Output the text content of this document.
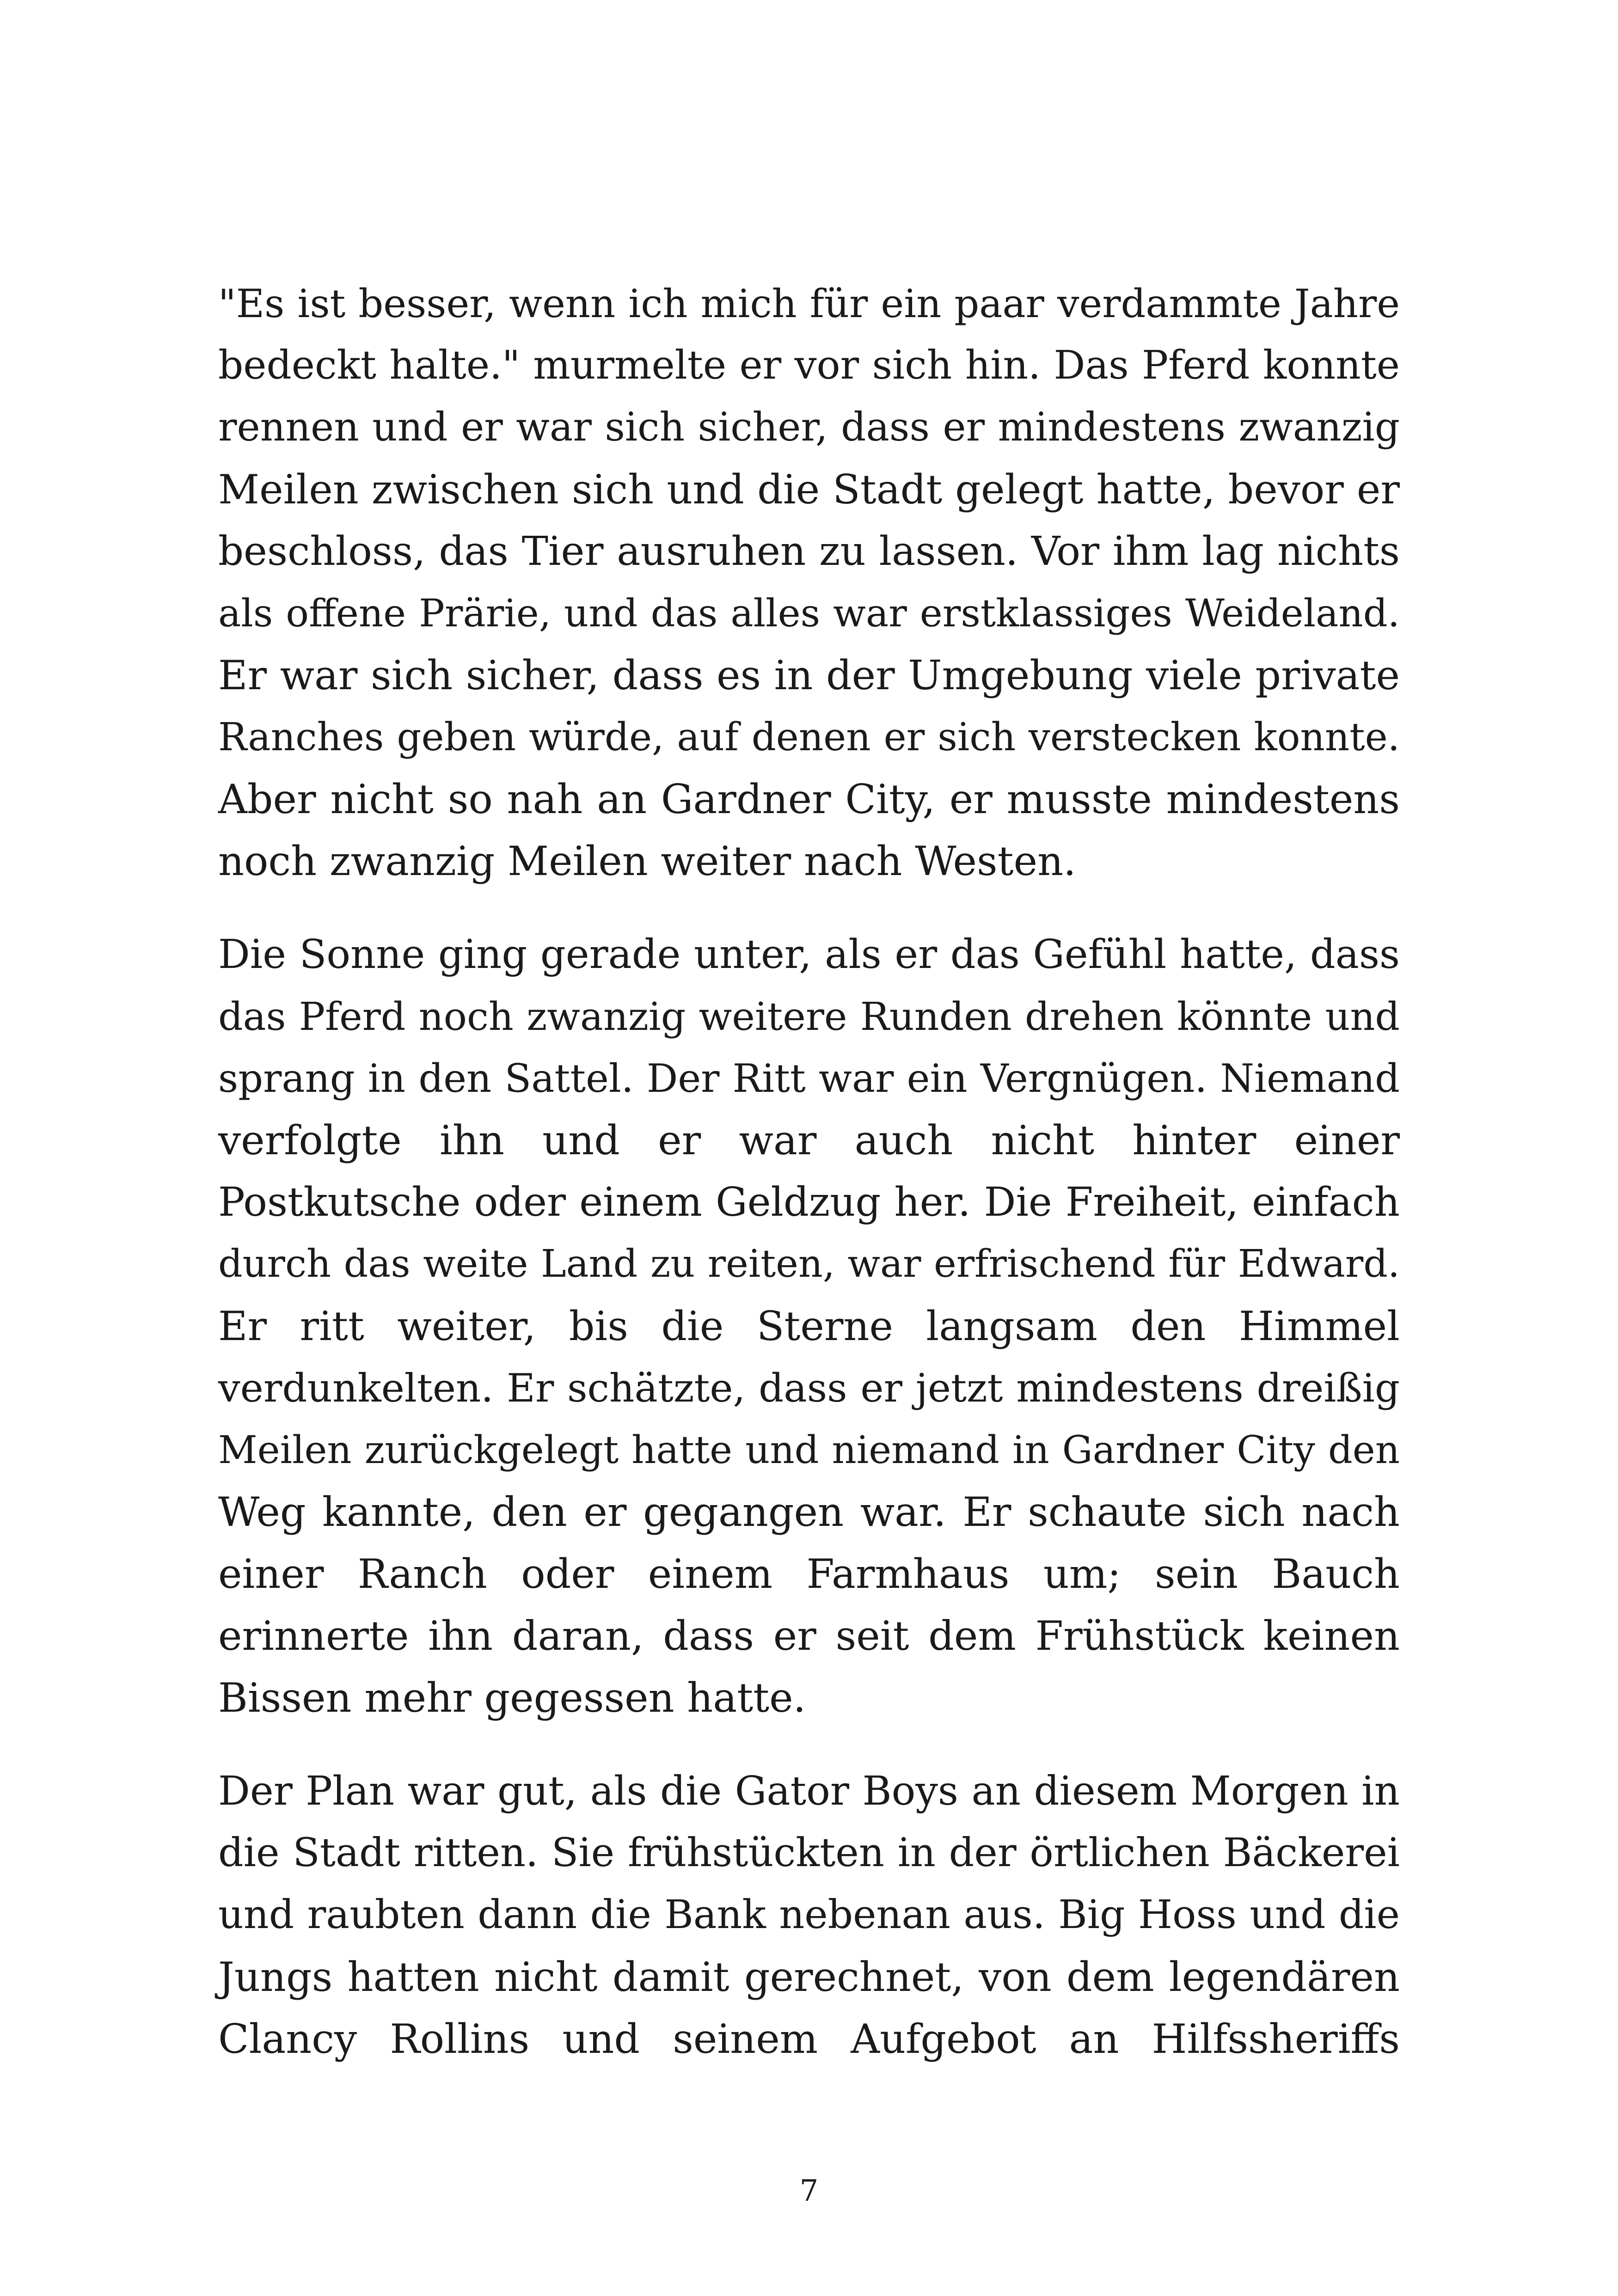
"Es ist besser, wenn ich mich für ein paar verdammte Jahre
bedeckt halte." murmelte er vor sich hin. Das Pferd konnte
rennen und er war sich sicher, dass er mindestens zwanzig
Meilen zwischen sich und die Stadt gelegt hatte, bevor er
beschloss, das Tier ausruhen zu lassen. Vor ihm lag nichts
als offene Prärie, und das alles war erstklassiges Weideland.
Er war sich sicher, dass es in der Umgebung viele private
Ranches geben würde, auf denen er sich verstecken konnte.
Aber nicht so nah an Gardner City, er musste mindestens
noch zwanzig Meilen weiter nach Westen.

Die Sonne ging gerade unter, als er das Gefühl hatte, dass
das Pferd noch zwanzig weitere Runden drehen könnte und
sprang in den Sattel. Der Ritt war ein Vergnügen. Niemand
verfolgte ihn und er war auch nicht hinter einer
Postkutsche oder einem Geldzug her. Die Freiheit, einfach
durch das weite Land zu reiten, war erfrischend für Edward.
Er ritt weiter, bis die Sterne langsam den Himmel
verdunkelten. Er schätzte, dass er jetzt mindestens dreißig
Meilen zurückgelegt hatte und niemand in Gardner City den
Weg kannte, den er gegangen war. Er schaute sich nach
einer Ranch oder einem Farmhaus um; sein Bauch
erinnerte ihn daran, dass er seit dem Frühstück keinen
Bissen mehr gegessen hatte.

Der Plan war gut, als die Gator Boys an diesem Morgen in
die Stadt ritten. Sie frühstückten in der örtlichen Bäckerei
und raubten dann die Bank nebenan aus. Big Hoss und die
Jungs hatten nicht damit gerechnet, von dem legendären
Clancy Rollins und seinem Aufgebot an Hilfssheriffs

7
